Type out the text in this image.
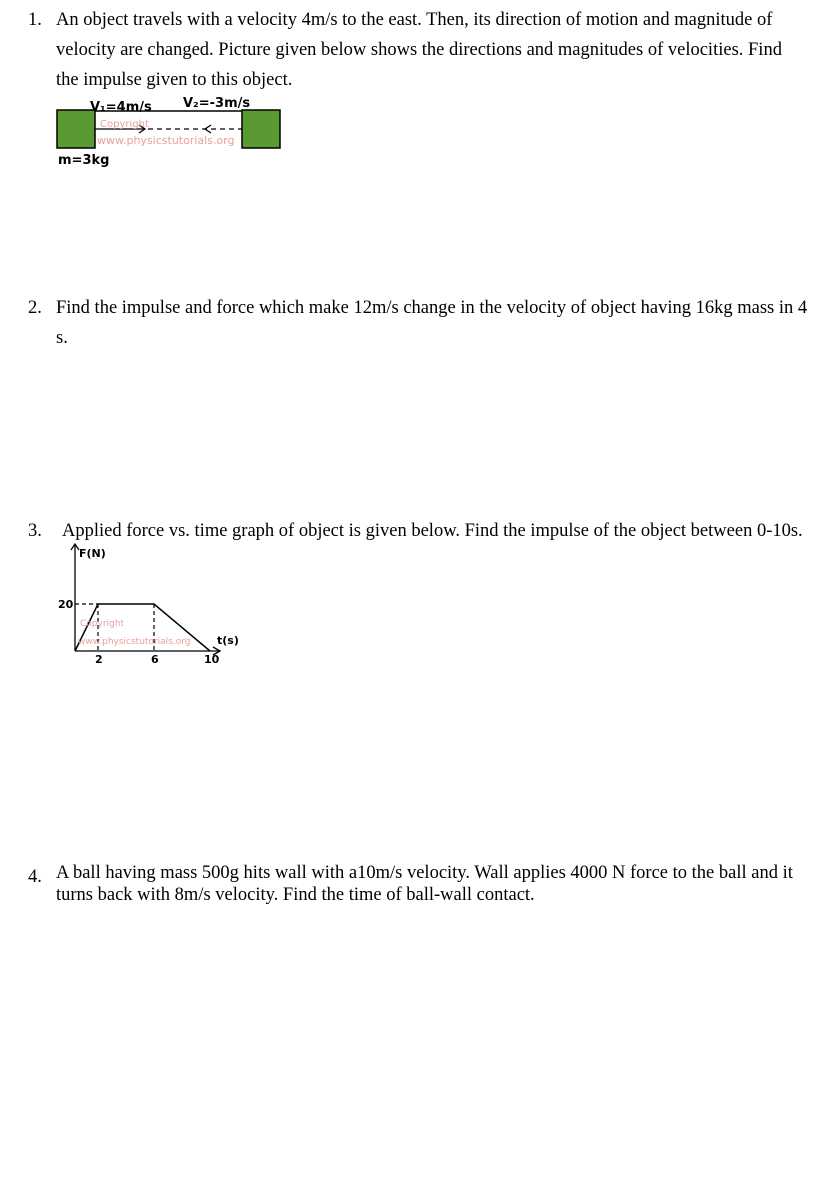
1. An object travels with a velocity 4m/s to the east. Then, its direction of motion and magnitude of
velocity are changed. Picture given below shows the directions and magnitudes of velocities. Find
the impulse given to this object.
Copyright
www.physicstutorials.org
V₁=4m/s V₂=-3m/s
m=3kg
2. Find the impulse and force which make 12m/s change in the velocity of object having 16kg mass in 4
s.
3. Applied force vs. time graph of object is given below. Find the impulse of the object between 0-10s.
Copyright
www.physicstutorials.org
F(N)
20
t(s)
2	6	10
4. A ball having mass 500g hits wall with a10m/s velocity. Wall applies 4000 N force to the ball and it
turns back with 8m/s velocity. Find the time of ball-wall contact.
